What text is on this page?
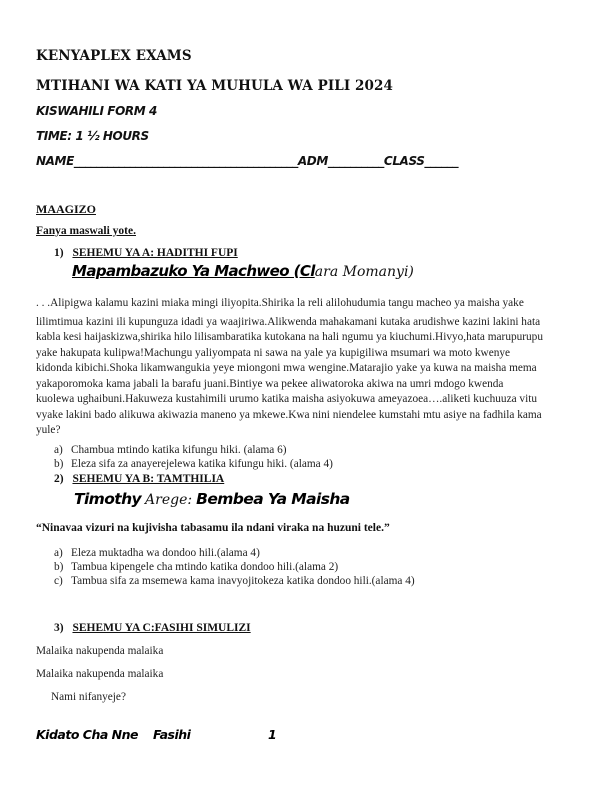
KENYAPLEX EXAMS
MTIHANI WA KATI YA MUHULA WA PILI 2024
KISWAHILI FORM 4
TIME: 1 ½ HOURS
NAME________________________________________ADM__________CLASS______
MAAGIZO
Fanya maswali yote.
1) SEHEMU YA A: HADITHI FUPI
Mapambazuko Ya Machweo (Clara Momanyi)
. . .Alipigwa kalamu kazini miaka mingi iliyopita.Shirika la reli alilohudumia tangu macheo ya maisha yake
lilimtimua kazini ili kupunguza idadi ya waajiriwa.Alikwenda mahakamani kutaka arudishwe kazini lakini hata
kabla kesi haijaskizwa,shirika hilo lilisambaratika kutokana na hali ngumu ya kiuchumi.Hivyo,hata marupurupu
yake hakupata kulipwa!Machungu yaliyompata ni sawa na yale ya kupigiliwa msumari wa moto kwenye
kidonda kibichi.Shoka likamwangukia yeye miongoni mwa wengine.Matarajio yake ya kuwa na maisha mema
yakaporomoka kama jabali la barafu juani.Bintiye wa pekee aliwatoroka akiwa na umri mdogo kwenda
kuolewa ughaibuni.Hakuweza kustahimili urumo katika maisha asiyokuwa ameyazoea….aliketi kuchuuza vitu
vyake lakini bado alikuwa akiwazia maneno ya mkewe.Kwa nini niendelee kumstahi mtu asiye na fadhila kama
yule?
a) Chambua mtindo katika kifungu hiki. (alama 6)
b) Eleza sifa za anayerejelewa katika kifungu hiki. (alama 4)
2) SEHEMU YA B: TAMTHILIA
Timothy Arege: Bembea Ya Maisha
“Ninavaa vizuri na kujivisha tabasamu ila ndani viraka na huzuni tele.”
a) Eleza muktadha wa dondoo hili.(alama 4)
b) Tambua kipengele cha mtindo katika dondoo hili.(alama 2)
c) Tambua sifa za msemewa kama inavyojitokeza katika dondoo hili.(alama 4)
3) SEHEMU YA C:FASIHI SIMULIZI
Malaika nakupenda malaika
Malaika nakupenda malaika
Nami nifanyeje?
Kidato Cha Nne Fasihi	1
